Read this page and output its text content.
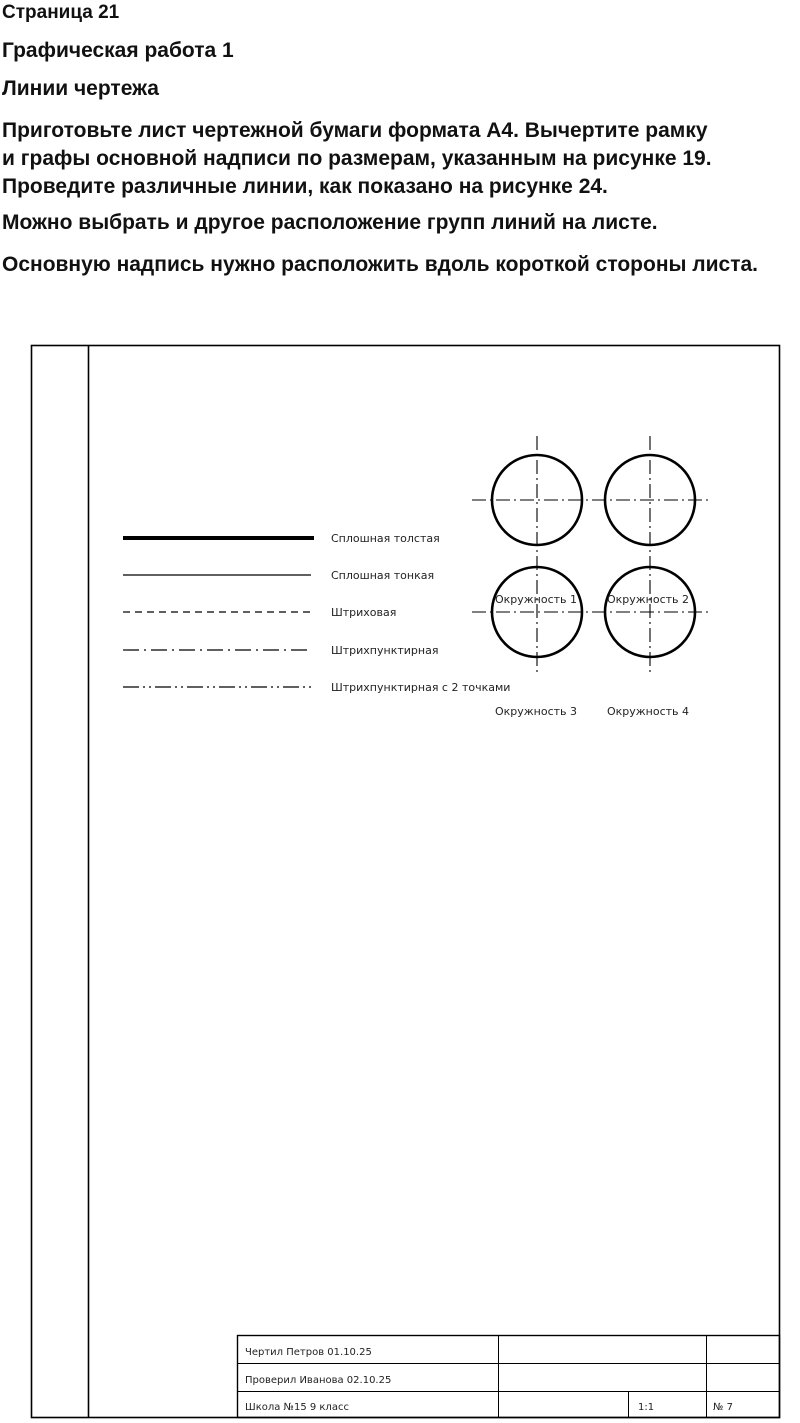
Страница 21
Графическая работа 1
Линии чертежа
Приготовьте лист чертежной бумаги формата А4. Вычертите рамку
и графы основной надписи по размерам, указанным на рисунке 19.
Проведите различные линии, как показано на рисунке 24.
Можно выбрать и другое расположение групп линий на листе.
Основную надпись нужно расположить вдоль короткой стороны листа.
Сплошная толстая
Сплошная тонкая
Штриховая
Штрихпунктирная
Штрихпунктирная с 2 точками
Окружность 1	Окружность 2
Окружность 3	Окружность 4
Чертил Петров 01.10.25
Проверил Иванова 02.10.25
Школа №15 9 класс	1:1	№ 7
